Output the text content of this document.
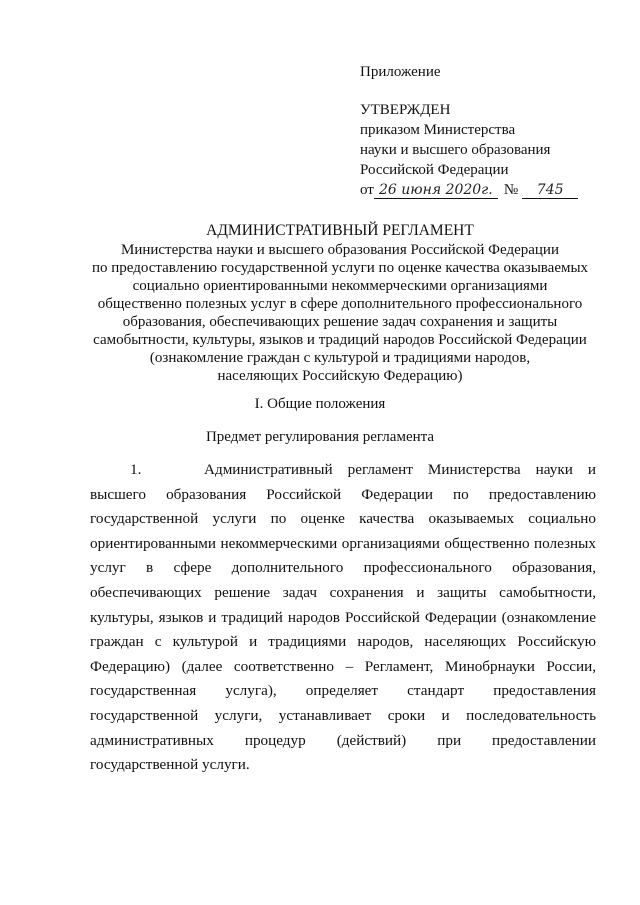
Приложение
УТВЕРЖДЕН
приказом Министерства
науки и высшего образования
Российской Федерации
от 26 июня 2020г. №	745
АДМИНИСТРАТИВНЫЙ РЕГЛАМЕНТ
Министерства науки и высшего образования Российской Федерации
по предоставлению государственной услуги по оценке качества оказываемых
социально ориентированными некоммерческими организациями
общественно полезных услуг в сфере дополнительного профессионального
образования, обеспечивающих решение задач сохранения и защиты
самобытности, культуры, языков и традиций народов Российской Федерации
(ознакомление граждан с культурой и традициями народов,
населяющих Российскую Федерацию)
I. Общие положения
Предмет регулирования регламента
1.	Административный регламент Министерства науки и высшего образования Российской Федерации по предоставлению государственной услуги по оценке качества оказываемых социально ориентированными некоммерческими организациями общественно полезных услуг в сфере дополнительного профессионального образования, обеспечивающих решение задач сохранения и защиты самобытности, культуры, языков и традиций народов Российской Федерации (ознакомление граждан с культурой и традициями народов, населяющих Российскую Федерацию) (далее соответственно – Регламент, Минобрнауки России, государственная услуга), определяет стандарт предоставления государственной услуги, устанавливает сроки и последовательность административных процедур (действий) при предоставлении государственной услуги.
